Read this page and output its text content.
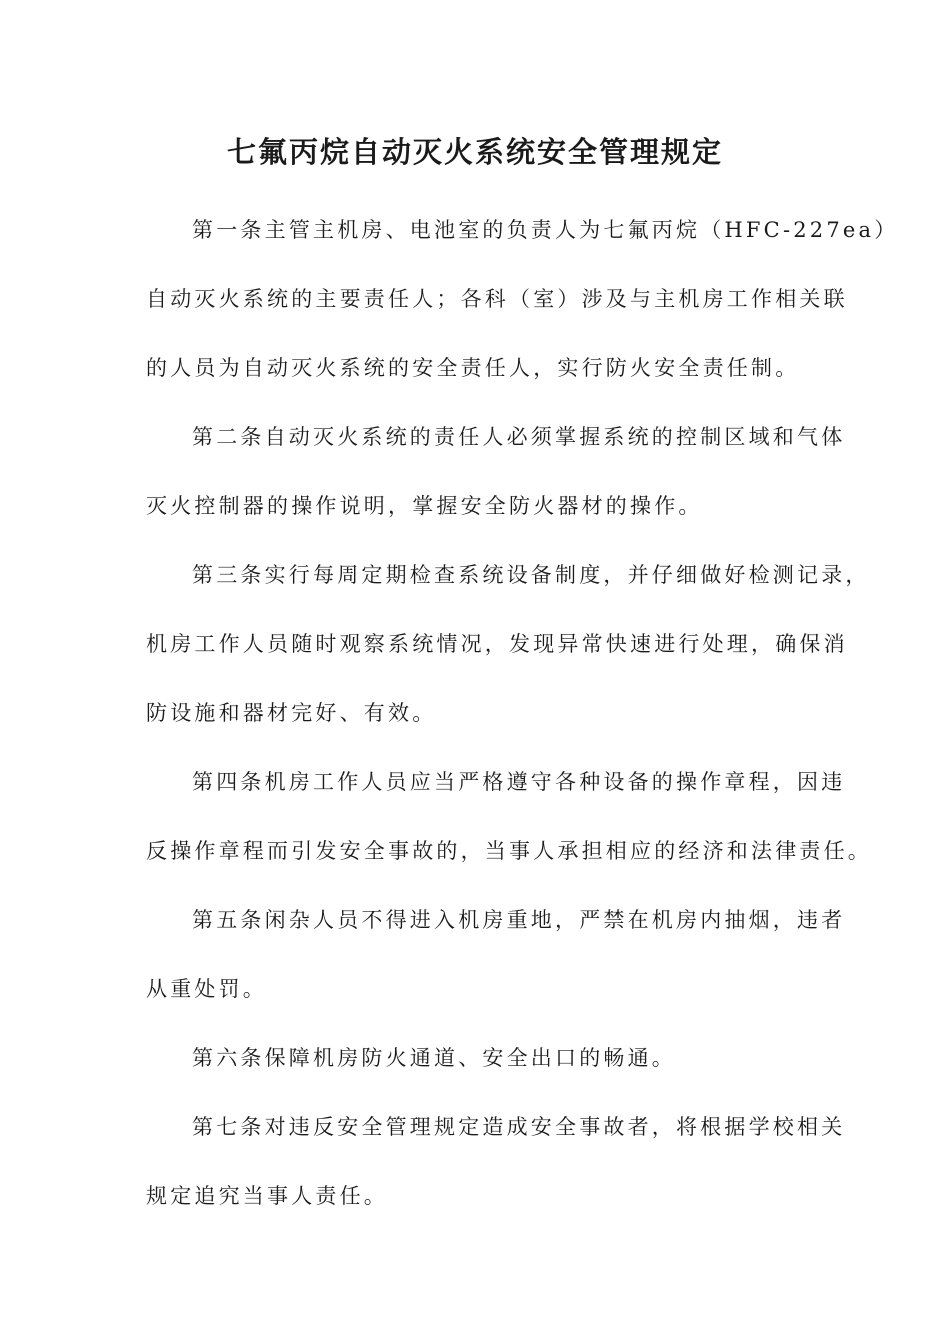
七氟丙烷自动灭火系统安全管理规定
第一条主管主机房、电池室的负责人为七氟丙烷（HFC-227ea）
自动灭火系统的主要责任人；各科（室）涉及与主机房工作相关联
的人员为自动灭火系统的安全责任人，实行防火安全责任制。
第二条自动灭火系统的责任人必须掌握系统的控制区域和气体
灭火控制器的操作说明，掌握安全防火器材的操作。
第三条实行每周定期检查系统设备制度，并仔细做好检测记录，
机房工作人员随时观察系统情况，发现异常快速进行处理，确保消
防设施和器材完好、有效。
第四条机房工作人员应当严格遵守各种设备的操作章程，因违
反操作章程而引发安全事故的，当事人承担相应的经济和法律责任。
第五条闲杂人员不得进入机房重地，严禁在机房内抽烟，违者
从重处罚。
第六条保障机房防火通道、安全出口的畅通。
第七条对违反安全管理规定造成安全事故者，将根据学校相关
规定追究当事人责任。
